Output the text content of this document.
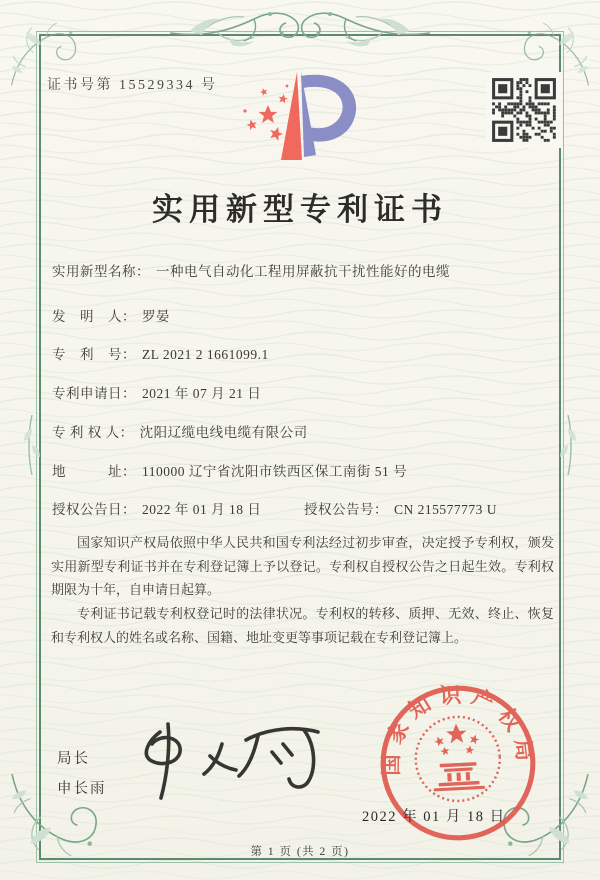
证书号第 15529334 号
实用新型专利证书
实用新型名称： 一种电气自动化工程用屏蔽抗干扰性能好的电缆
发　明　人： 罗晏
专　利　号： ZL 2021 2 1661099.1
专利申请日： 2021 年 07 月 21 日
专 利 权 人： 沈阳辽缆电线电缆有限公司
地　　　址： 110000 辽宁省沈阳市铁西区保工南街 51 号
授权公告日： 2022 年 01 月 18 日	授权公告号： CN 215577773 U

国家知识产权局依照中华人民共和国专利法经过初步审查，决定授予专利权，颁发实用新型专利证书并在专利登记簿上予以登记。专利权自授权公告之日起生效。专利权期限为十年，自申请日起算。

专利证书记载专利权登记时的法律状况。专利权的转移、质押、无效、终止、恢复和专利权人的姓名或名称、国籍、地址变更等事项记载在专利登记簿上。

局长
申长雨
国家知识产权局
2022 年 01 月 18 日
第 1 页 (共 2 页)
